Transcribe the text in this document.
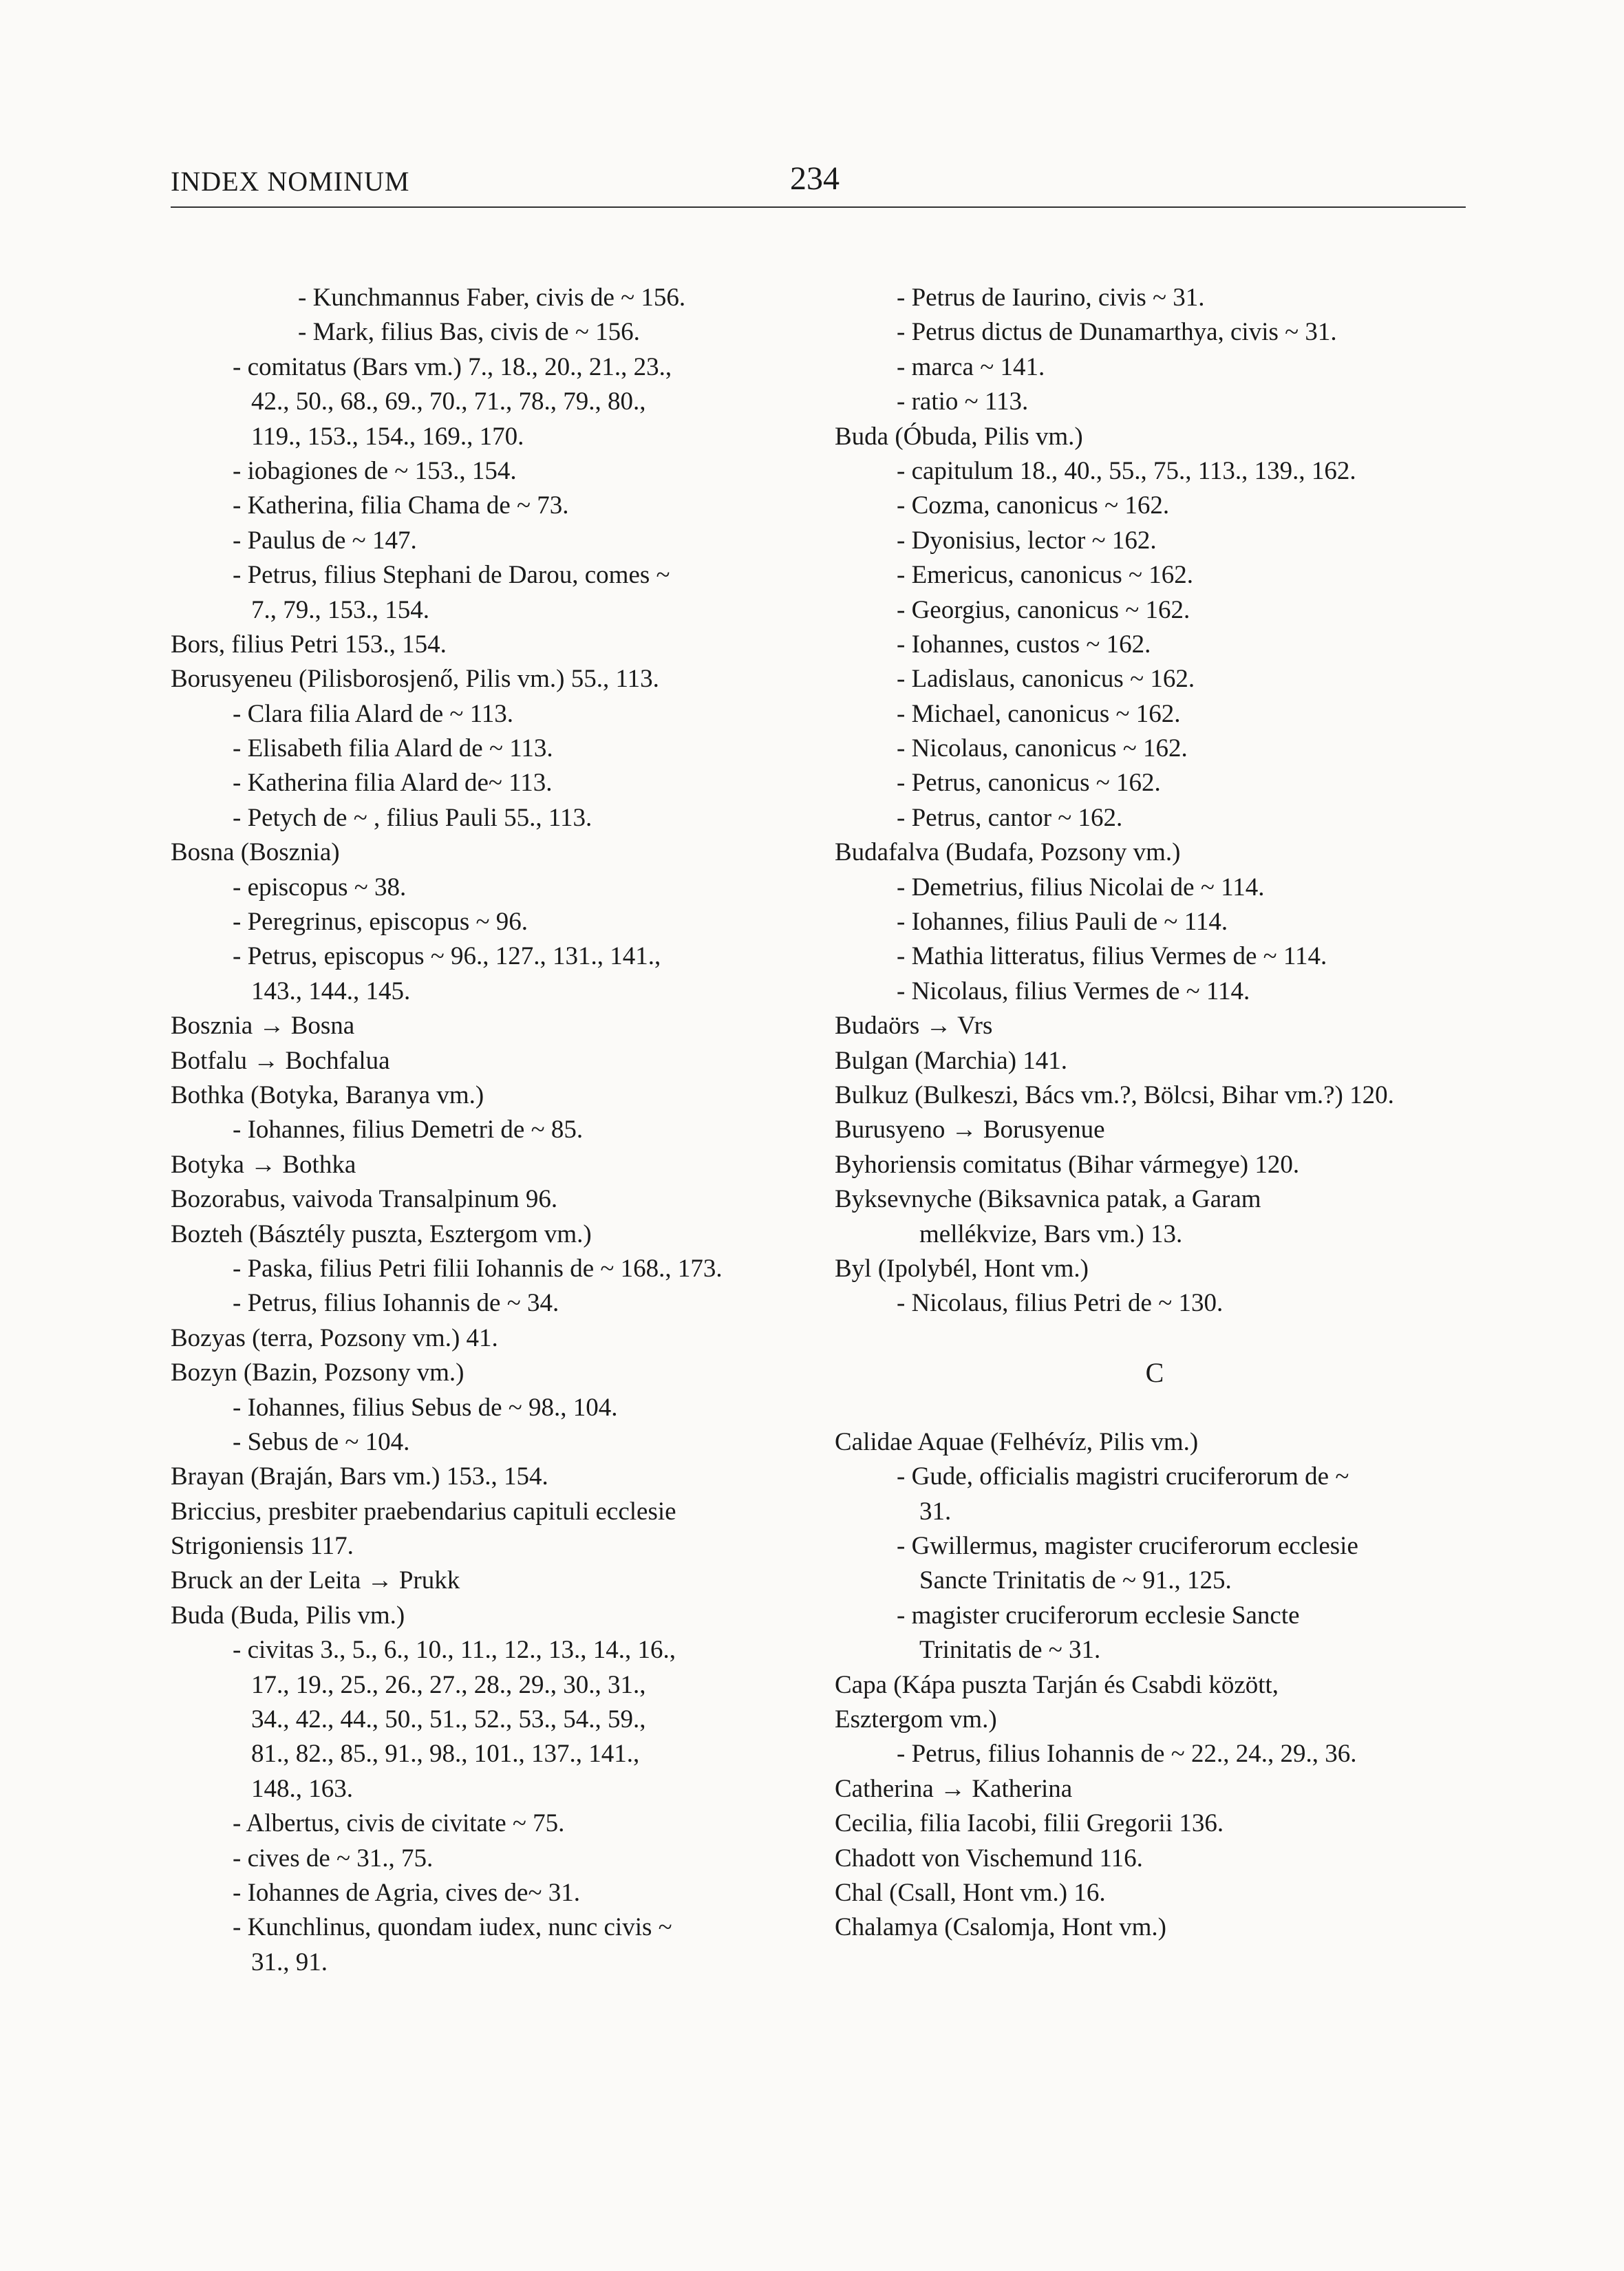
INDEX NOMINUM	234
- Kunchmannus Faber, civis de ~ 156.
- Mark, filius Bas, civis de ~ 156.
- comitatus (Bars vm.) 7., 18., 20., 21., 23.,
42., 50., 68., 69., 70., 71., 78., 79., 80.,
119., 153., 154., 169., 170.
- iobagiones de ~ 153., 154.
- Katherina, filia Chama de ~ 73.
- Paulus de ~ 147.
- Petrus, filius Stephani de Darou, comes ~
7., 79., 153., 154.
Bors, filius Petri 153., 154.
Borusyeneu (Pilisborosjenő, Pilis vm.) 55., 113.
- Clara filia Alard de ~ 113.
- Elisabeth filia Alard de ~ 113.
- Katherina filia Alard de~ 113.
- Petych de ~ , filius Pauli 55., 113.
Bosna (Bosznia)
- episcopus ~ 38.
- Peregrinus, episcopus ~ 96.
- Petrus, episcopus ~ 96., 127., 131., 141.,
143., 144., 145.
Bosznia → Bosna
Botfalu → Bochfalua
Bothka (Botyka, Baranya vm.)
- Iohannes, filius Demetri de ~ 85.
Botyka → Bothka
Bozorabus, vaivoda Transalpinum 96.
Bozteh (Básztély puszta, Esztergom vm.)
- Paska, filius Petri filii Iohannis de ~ 168., 173.
- Petrus, filius Iohannis de ~ 34.
Bozyas (terra, Pozsony vm.) 41.
Bozyn (Bazin, Pozsony vm.)
- Iohannes, filius Sebus de ~ 98., 104.
- Sebus de ~ 104.
Brayan (Braján, Bars vm.) 153., 154.
Briccius, presbiter praebendarius capituli ecclesie
Strigoniensis 117.
Bruck an der Leita → Prukk
Buda (Buda, Pilis vm.)
- civitas 3., 5., 6., 10., 11., 12., 13., 14., 16.,
17., 19., 25., 26., 27., 28., 29., 30., 31.,
34., 42., 44., 50., 51., 52., 53., 54., 59.,
81., 82., 85., 91., 98., 101., 137., 141.,
148., 163.
- Albertus, civis de civitate ~ 75.
- cives de ~ 31., 75.
- Iohannes de Agria, cives de~ 31.
- Kunchlinus, quondam iudex, nunc civis ~
31., 91.
- Petrus de Iaurino, civis ~ 31.
- Petrus dictus de Dunamarthya, civis ~ 31.
- marca ~ 141.
- ratio ~ 113.
Buda (Óbuda, Pilis vm.)
- capitulum 18., 40., 55., 75., 113., 139., 162.
- Cozma, canonicus ~ 162.
- Dyonisius, lector ~ 162.
- Emericus, canonicus ~ 162.
- Georgius, canonicus ~ 162.
- Iohannes, custos ~ 162.
- Ladislaus, canonicus ~ 162.
- Michael, canonicus ~ 162.
- Nicolaus, canonicus ~ 162.
- Petrus, canonicus ~ 162.
- Petrus, cantor ~ 162.
Budafalva (Budafa, Pozsony vm.)
- Demetrius, filius Nicolai de ~ 114.
- Iohannes, filius Pauli de ~ 114.
- Mathia litteratus, filius Vermes de ~ 114.
- Nicolaus, filius Vermes de ~ 114.
Budaörs → Vrs
Bulgan (Marchia) 141.
Bulkuz (Bulkeszi, Bács vm.?, Bölcsi, Bihar vm.?) 120.
Burusyeno → Borusyenue
Byhoriensis comitatus (Bihar vármegye) 120.
Byksevnyche (Biksavnica patak, a Garam
mellékvize, Bars vm.) 13.
Byl (Ipolybél, Hont vm.)
- Nicolaus, filius Petri de ~ 130.
C
Calidae Aquae (Felhévíz, Pilis vm.)
- Gude, officialis magistri cruciferorum de ~
31.
- Gwillermus, magister cruciferorum ecclesie
Sancte Trinitatis de ~ 91., 125.
- magister cruciferorum ecclesie Sancte
Trinitatis de ~ 31.
Capa (Kápa puszta Tarján és Csabdi között,
Esztergom vm.)
- Petrus, filius Iohannis de ~ 22., 24., 29., 36.
Catherina → Katherina
Cecilia, filia Iacobi, filii Gregorii 136.
Chadott von Vischemund 116.
Chal (Csall, Hont vm.) 16.
Chalamya (Csalomja, Hont vm.)
